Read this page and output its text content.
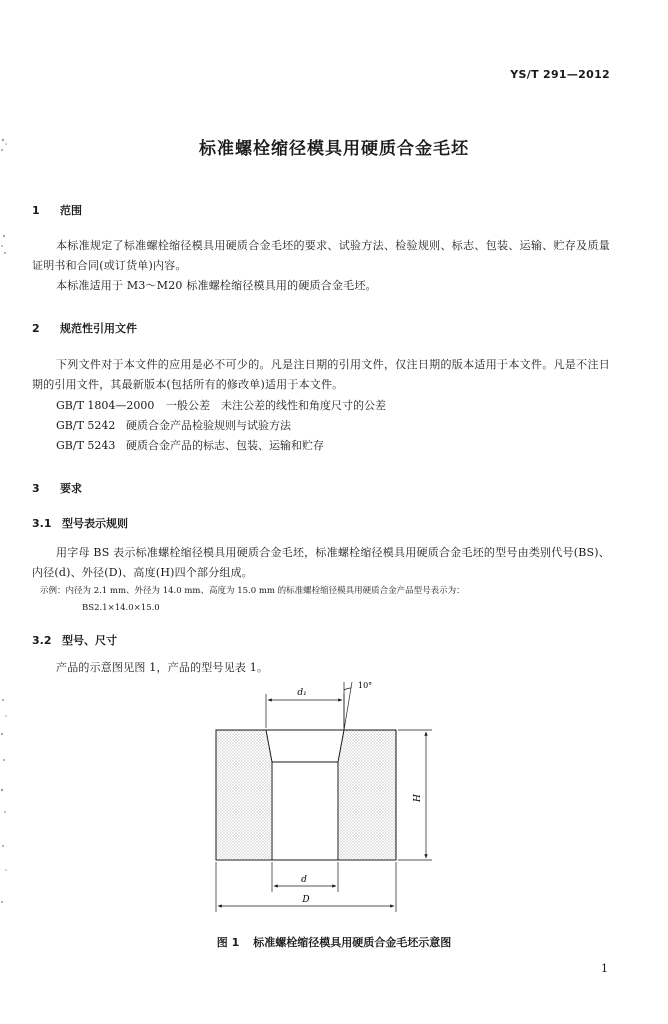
YS/T 291—2012
标准螺栓缩径模具用硬质合金毛坯
1 范围
本标准规定了标准螺栓缩径模具用硬质合金毛坯的要求、试验方法、检验规则、标志、包装、运输、贮存及质量证明书和合同(或订货单)内容。
本标准适用于 M3～M20 标准螺栓缩径模具用的硬质合金毛坯。
2 规范性引用文件
下列文件对于本文件的应用是必不可少的。凡是注日期的引用文件，仅注日期的版本适用于本文件。凡是不注日期的引用文件，其最新版本(包括所有的修改单)适用于本文件。
GB/T 1804—2000 一般公差　未注公差的线性和角度尺寸的公差
GB/T 5242 硬质合金产品检验规则与试验方法
GB/T 5243 硬质合金产品的标志、包装、运输和贮存
3 要求
3.1 型号表示规则
用字母 BS 表示标准螺栓缩径模具用硬质合金毛坯，标准螺栓缩径模具用硬质合金毛坯的型号由类别代号(BS)、内径(d)、外径(D)、高度(H)四个部分组成。
示例：内径为 2.1 mm、外径为 14.0 mm、高度为 15.0 mm 的标准螺栓缩径模具用硬质合金产品型号表示为：
BS2.1×14.0×15.0
3.2 型号、尺寸
产品的示意图见图 1，产品的型号见表 1。
d₁
10°
H
d
D
图 1 标准螺栓缩径模具用硬质合金毛坯示意图
1
